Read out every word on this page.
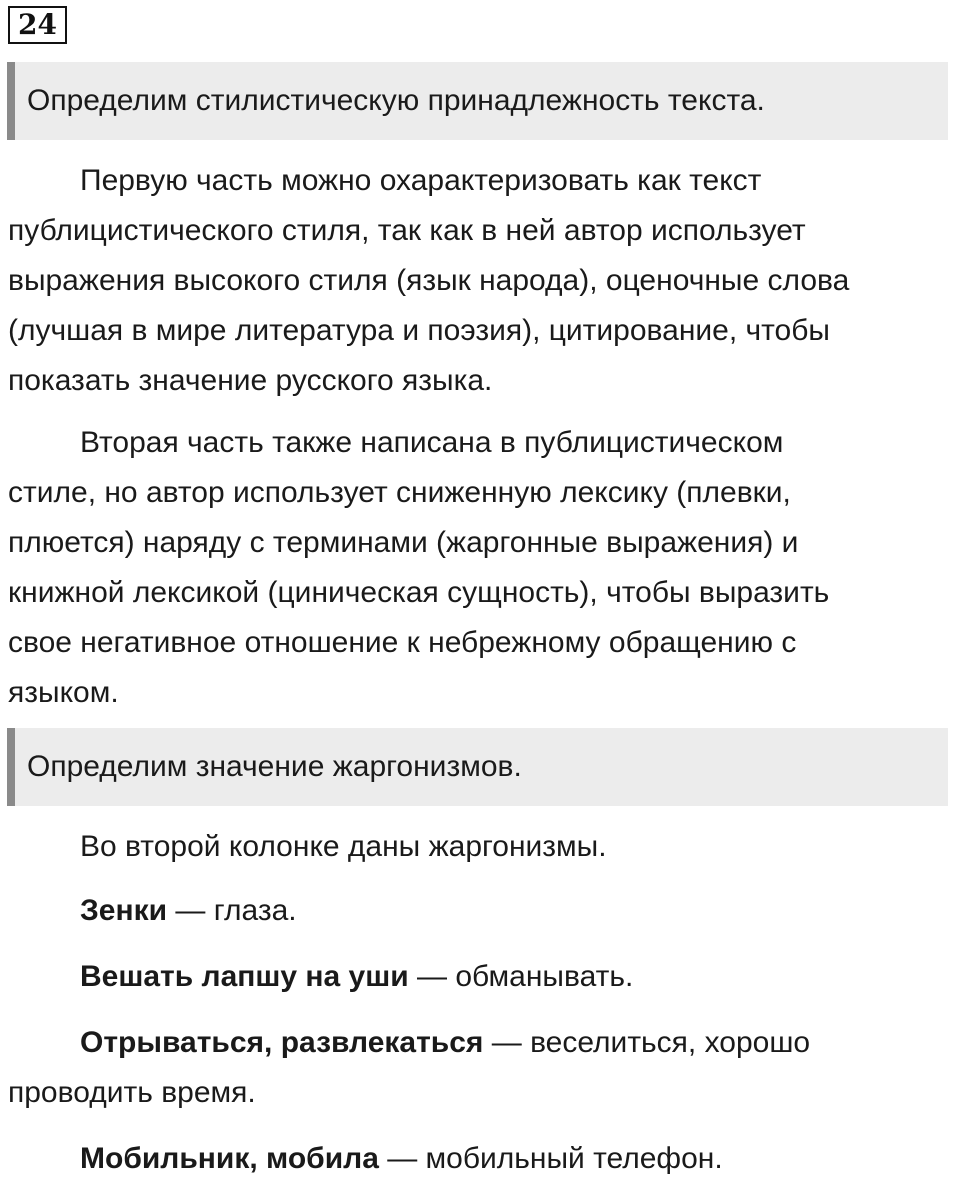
24
Определим стилистическую принадлежность текста.
Первую часть можно охарактеризовать как текст
публицистического стиля, так как в ней автор использует
выражения высокого стиля (язык народа), оценочные слова
(лучшая в мире литература и поэзия), цитирование, чтобы
показать значение русского языка.
Вторая часть также написана в публицистическом
стиле, но автор использует сниженную лексику (плевки,
плюется) наряду с терминами (жаргонные выражения) и
книжной лексикой (циническая сущность), чтобы выразить
свое негативное отношение к небрежному обращению с
языком.
Определим значение жаргонизмов.
Во второй колонке даны жаргонизмы.
Зенки — глаза.
Вешать лапшу на уши — обманывать.
Отрываться, развлекаться — веселиться, хорошо
проводить время.
Мобильник, мобила — мобильный телефон.
